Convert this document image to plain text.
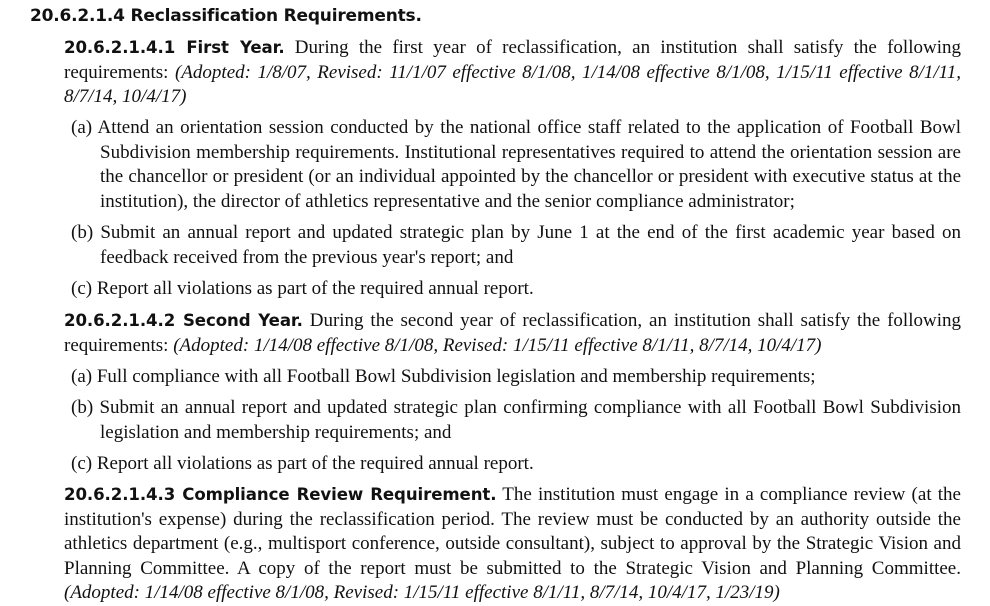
20.6.2.1.4 Reclassification Requirements.
20.6.2.1.4.1 First Year. During the first year of reclassification, an institution shall satisfy the following requirements: (Adopted: 1/8/07, Revised: 11/1/07 effective 8/1/08, 1/14/08 effective 8/1/08, 1/15/11 effective 8/1/11, 8/7/14, 10/4/17)
(a) Attend an orientation session conducted by the national office staff related to the application of Football Bowl Subdivision membership requirements. Institutional representatives required to attend the orientation session are the chancellor or president (or an individual appointed by the chancellor or president with executive status at the institution), the director of athletics representative and the senior compliance administrator;
(b) Submit an annual report and updated strategic plan by June 1 at the end of the first academic year based on feedback received from the previous year's report; and
(c) Report all violations as part of the required annual report.
20.6.2.1.4.2 Second Year. During the second year of reclassification, an institution shall satisfy the following requirements: (Adopted: 1/14/08 effective 8/1/08, Revised: 1/15/11 effective 8/1/11, 8/7/14, 10/4/17)
(a) Full compliance with all Football Bowl Subdivision legislation and membership requirements;
(b) Submit an annual report and updated strategic plan confirming compliance with all Football Bowl Subdivision legislation and membership requirements; and
(c) Report all violations as part of the required annual report.
20.6.2.1.4.3 Compliance Review Requirement. The institution must engage in a compliance review (at the institution's expense) during the reclassification period. The review must be conducted by an authority outside the athletics department (e.g., multisport conference, outside consultant), subject to approval by the Strategic Vision and Planning Committee. A copy of the report must be submitted to the Strategic Vision and Planning Committee. (Adopted: 1/14/08 effective 8/1/08, Revised: 1/15/11 effective 8/1/11, 8/7/14, 10/4/17, 1/23/19)
